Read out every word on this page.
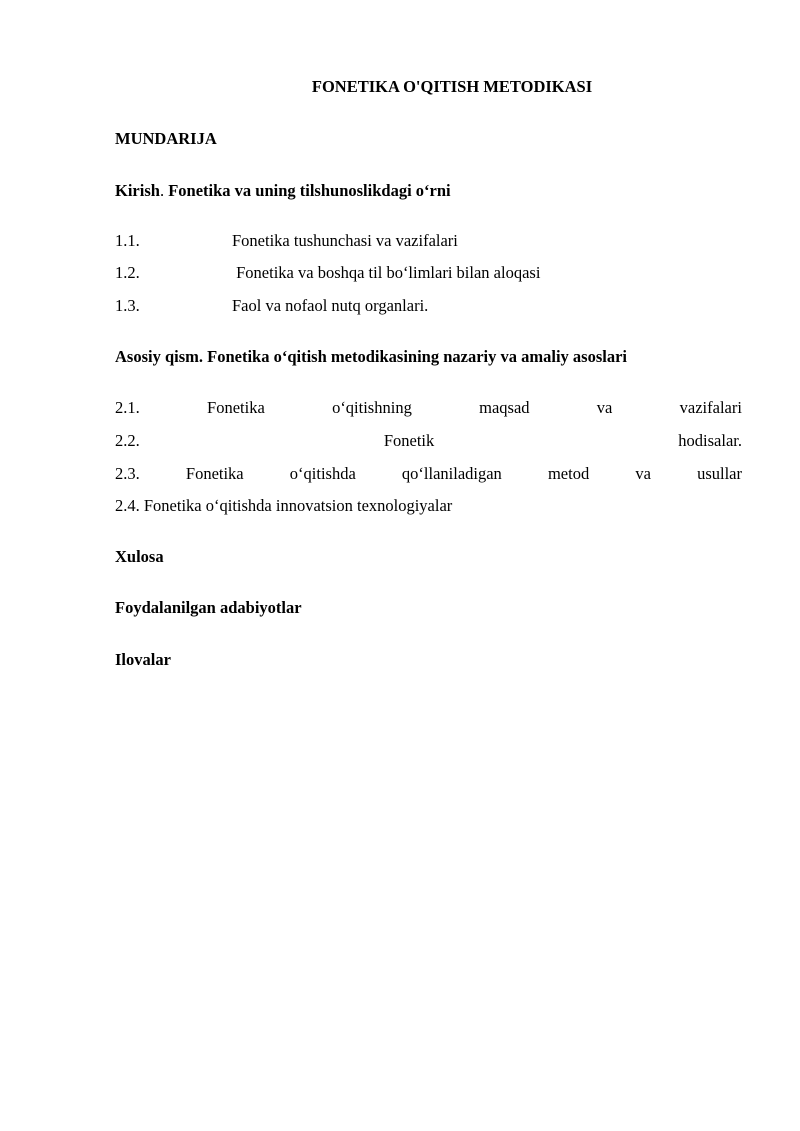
FONETIKA O'QITISH METODIKASI
MUNDARIJA
Kirish. Fonetika va uning tilshunoslikdagi o‘rni
1.1.	Fonetika tushunchasi va vazifalari
1.2.	Fonetika va boshqa til bo‘limlari bilan aloqasi
1.3.	Faol va nofaol nutq organlari.
Asosiy qism. Fonetika o‘qitish metodikasining nazariy va amaliy asoslari
2.1.	Fonetika	o‘qitishning	maqsad	va	vazifalari
2.2.	Fonetik	hodisalar.
2.3.	Fonetika	o‘qitishda	qo‘llaniladigan	metod	va	usullar
2.4. Fonetika o‘qitishda innovatsion texnologiyalar
Xulosa
Foydalanilgan adabiyotlar
Ilovalar
